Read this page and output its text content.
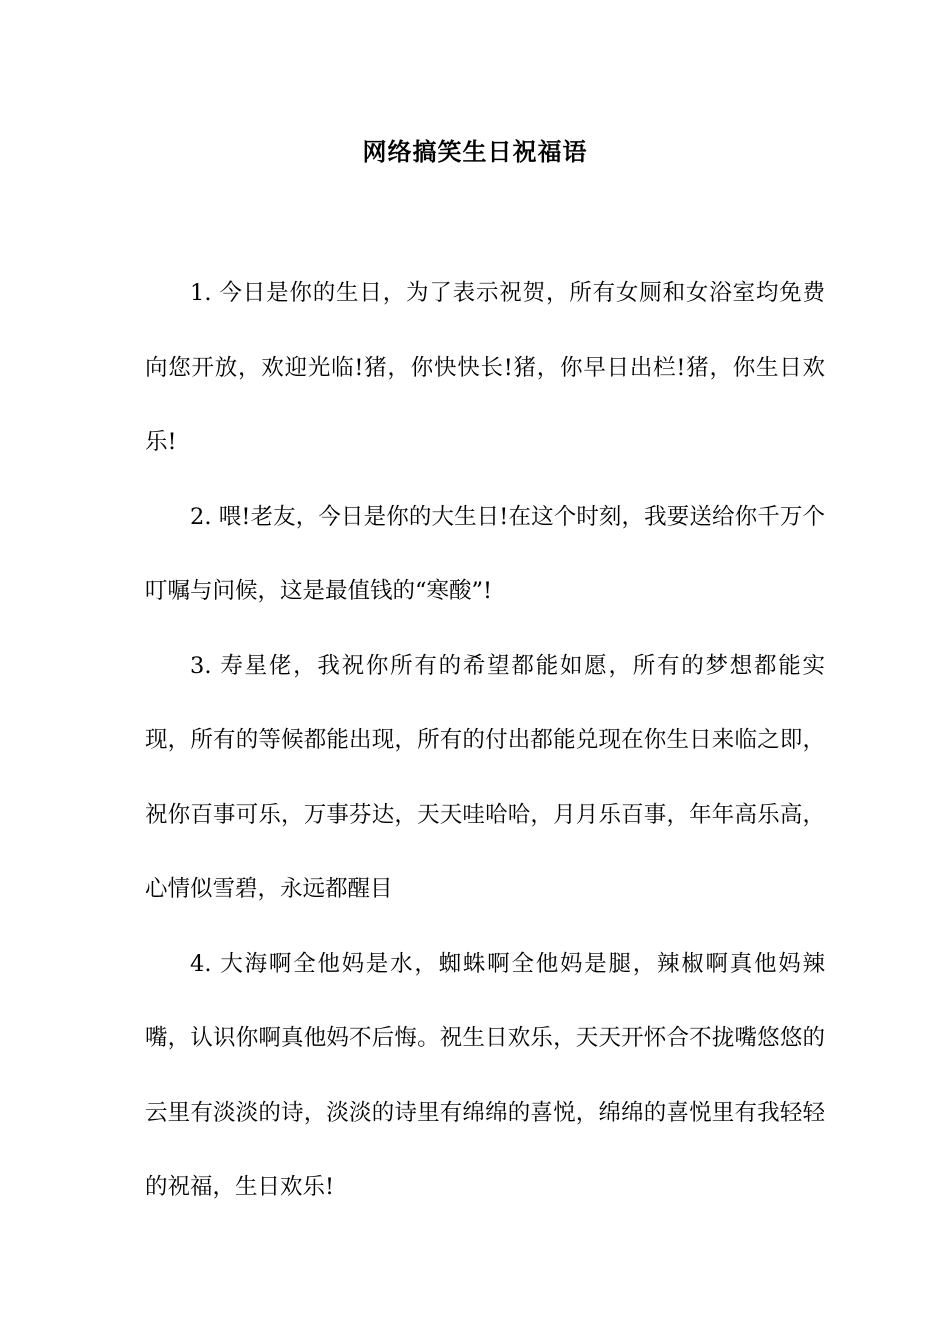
网络搞笑生日祝福语

1. 今日是你的生日，为了表示祝贺，所有女厕和女浴室均免费向您开放，欢迎光临!猪，你快快长!猪，你早日出栏!猪，你生日欢乐!

2. 喂!老友，今日是你的大生日!在这个时刻，我要送给你千万个叮嘱与问候，这是最值钱的“寒酸”!

3. 寿星佬，我祝你所有的希望都能如愿，所有的梦想都能实现，所有的等候都能出现，所有的付出都能兑现在你生日来临之即，祝你百事可乐，万事芬达，天天哇哈哈，月月乐百事，年年高乐高，心情似雪碧，永远都醒目

4. 大海啊全他妈是水，蜘蛛啊全他妈是腿，辣椒啊真他妈辣嘴，认识你啊真他妈不后悔。祝生日欢乐，天天开怀合不拢嘴悠悠的云里有淡淡的诗，淡淡的诗里有绵绵的喜悦，绵绵的喜悦里有我轻轻的祝福，生日欢乐!
